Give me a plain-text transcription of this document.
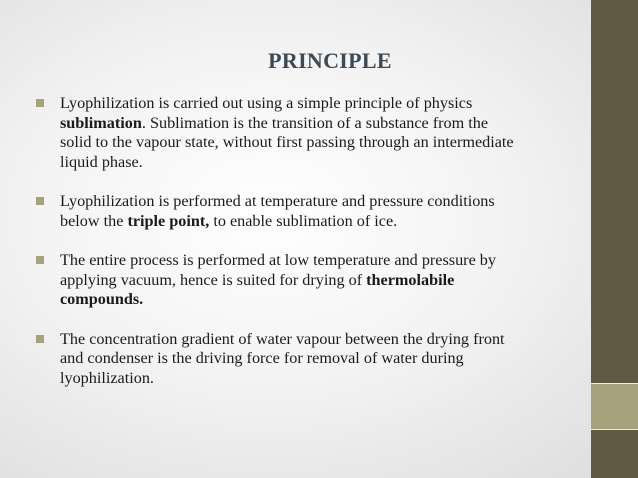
PRINCIPLE
Lyophilization is carried out using a simple principle of physics
sublimation. Sublimation is the transition of a substance from the
solid to the vapour state, without first passing through an intermediate
liquid phase.
Lyophilization is performed at temperature and pressure conditions
below the triple point, to enable sublimation of ice.
The entire process is performed at low temperature and pressure by
applying vacuum, hence is suited for drying of thermolabile
compounds.
The concentration gradient of water vapour between the drying front
and condenser is the driving force for removal of water during
lyophilization.
